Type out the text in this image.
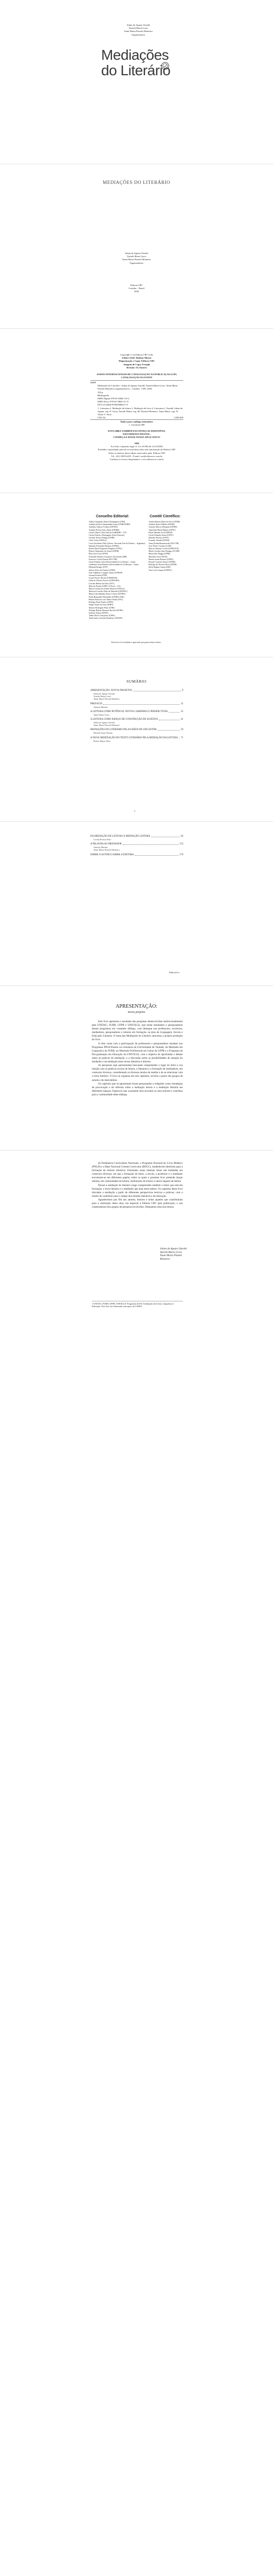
Julian de Aguiar Ostrahl
Yurieth Maria Gorzi
Tauni Maria Pizzetti Monteiro
Organizadores
Mediações
do Literário
MEDIAÇÕES DO LITERÁRIO
Julian de Aguiar Ostrahl
Yurieth Maria Gorzi
Tauni Maria Pizzetti Monteiro
Organizadores
Editora CRV
Curitiba – Brasil
2020
Copyright © da Editora CRV Ltda.
Editor-chefe: Railson Moura
Diagramação e Capa: Editora CRV
Imagem de Capa: Freepik
Revisão: Os Autores
DADOS INTERNACIONAIS DE CATALOGAÇÃO NA PUBLICAÇÃO (CIP)
CATALOGAÇÃO NA FONTE
M489
Mediações do Literário / Julian de Aguiar Ostrahl, Yurieth Maria Gorzi, Tauni Maria Pizzetti Monteiro (organizadores) – Curitiba : CRV, 2020.
182 p.
Bibliografia
ISBN Digital 978-65-5868-119-2
ISBN Físico 978-65-5868-117-8
DOI 10.24824/978655868117.8
1. Literatura 2. Mediação de leitura 3. Mediação de livro 4. Literatura I. Ostrahl, Julian de Aguiar. org. II. Gorzi, Yurieth Maria. org. III. Pizzetti Monteiro, Tauni Maria. org. IV. Título V. Série.
CDU 82	CDD 800
Índice para catálogo sistemático
1. Literatura 800
ESTA OBRA TAMBÉM ENCONTRA-SE DISPONÍVEL
EM FORMATO DIGITAL.
CONHEÇA E BAIXE NOSSO APLICATIVO!
2020
Foi feito o depósito legal cf. Lei 10.994 de 14/12/2004
Proibida a reprodução parcial ou total desta obra sem autorização da Editora CRV
Todos os direitos desta edição reservados pela: Editora CRV
Tel.: (41) 3039-6418 - E-mail: sac@editoracrv.com.br
Conheça os nossos lançamentos: www.editoracrv.com.br
Conselho Editorial:	Comitê Científico:
Aldira Guimarães Duarte Domínguez (UNB)
Andréia da Silva Quintanilha Sousa (UNIR/UFRN)
Anselmo Alencar Colares (UFOPA)
Antônio Pereira Gaio Júnior (UFRRJ)
Carlos Alberto Vilar Estêvão (UMINHO – PT)
Carlos Federico Dominguez Avila (Unieuro)
Carmen Tereza Velanga (UNIR)
Celso Conti (UFSCar)
Cesar Gerónimo Tello (Univer .Nacional Três de Febrero – Argentina)
Eduardo Fernandes Barbosa (UFMG)
Elione Maria Nogueira Diogenes (UFAL)
Elizeu Clementino de Souza (UNEB)
Élsio José Corá (UFFS)
Fernando Antônio Gonçalves Alcoforado (IPB)
Francisco Carlos Duarte (PUC-PR)
Gloria Fariñas León (Universidade de La Havana – Cuba)
Guillermo Arias Beatón (Universidade de La Havana – Cuba)
Helmuth Krüger (UCP)
Jailson Alves dos Santos (UFRJ)
João Adalberto Campato Junior (UNESP)
Josania Portela (UFPI)
Leonel Severo Rocha (UNISINOS)
Lídia de Oliveira Xavier (UNIEURO)
Lourdes Helena da Silva (UFV)
Marcelo Paixão (UFRJ e UTexas – US)
Maria Cristina dos Santos Bezerra (UFSCar)
Maria de Lourdes Pinto de Almeida (UNOESC)
Maria Lília Imbiriba Sousa Colares (UFOPA)
Paulo Romualdo Hernandes (UNIFAL-MG)
Renato Francisco dos Santos Paula (UFG)
Rodrigo Pratte-Santos (UFES)
Sérgio Nunes de Jesus (IFRO)
Simone Rodrigues Pinto (UNB)
Solange Helena Ximenes-Rocha (UFOPA)
Sydione Santos (UEPG)
Tadeu Oliver Gonçalves (UFPA)
Tania Suely Azevedo Brasileiro (UFOPA)
Andrea Beatriz Hack de Góes (UFSM)
Andréia Nunes Militão (UEMS)
Antonio Marcos Mesquita (UFMS)
Aparecida Maria Ribeiro (UFSC)
Bruno Mendes Gil (UNIFAP)
Carlos Eduardo Souza (UFSC)
Eduardo Silveira (UFSC)
Evandro Ghedin (UFAM)
Joana Paulin Romanowski (PUC-PR)
José Álvaro Cristino (UAB)
Marcos Antonio Lorieri (UNINOVE)
Maria Cristina Lima Paniago (UCDB)
Maria Inês Ghiggi (UFPR)
Marilena Assis (UFFS)
Renato Izaias Boissel (UFMT)
Rosane Carneiro Sarturi (UFSM)
Rodrigo de Oliveira Silva (UFMS)
Silvia Regina Canan (URI)
Vera Lucia Gaspar (UDESC)
Este livro foi avaliado e aprovado por pareceristas ad hoc.
SUMÁRIO
APRESENTAÇÃO: NOVOS PROJETOS	9
Julian de Aguiar Ostrahl
Yurieth Maria Gorzi
Tauni Maria Pizzetti Monteiro
PREFÁCIO	15
Antonio Martins
A LEITURA COMO POTÊNCIA: NOVOS CAMINHOS E PERSPECTIVAS	25
Tania Maria Gorzi
A LEITURA COMO ESPAÇO DE CONSTRUÇÃO DE SUJEITOS	41
Julian de Aguiar Ostrahl
Tauni Maria Pizzetti Monteiro
MEDIAÇÕES DO LITERÁRIO PELAS MÃOS DE UM LEITOR	59
Michele Sauer Paraná
A NOVA ORDENAÇÃO DO TEXTO LITERÁRIO PELA MEDIAÇÃO DA LEITURA 71
Denise Mayer Silva
5
DA MEDIAÇÃO DE LEITURA À MEDIAÇÃO LEITORA	83
Cecília Pereira Feliz
A PALAVRA AO MEDIADOR	153
Antonio Martins
Tauni Maria Pizzetti Monteiro
SOBRE O AUTOR E SOBRE A EDITORA	179
EditoraCrv
APRESENTAÇÃO:
novos projetos

Este livro apresenta o resultado das pesquisas desenvolvidas institucionalmente pela UNITAU, FURB, UFPR e UNIVILLE, que reúne estudantes e pesquisadores desses programas em constante diálogo, com destaque aos professores, escritores, mediadores, pesquisadores e leitores em formação, na área de Linguagem, Escola e Educação Literária. O tema das Mediações do Literário atravessa a própria produção do livro.

A obra conta com a participação de professores e pesquisadores atuantes nos Programas PPGE/Ensino na Literatura da Universidade de Taubaté, do Mestrado em Linguística da FURB, no Mestrado Profissional em Letras da UFPR e o Programa de Pós-graduação em Educação da UNIVILLE, com o objetivo de aprofundar o debate sobre as práticas de mediação, e a discussão sobre as possibilidades de atuação do mediador e da mediação entre textos literários e leitores.

As pesquisas aqui apresentadas buscaram compreender o lugar do leitor e sua relação com as práticas sociais de leitura, a literatura e a formação de mediadores, em contextos diversos, considerando os diversos modos de mediar e de se relacionar com o texto literário. O livro se organiza em seis capítulos, escritos a partir dos grupos de estudo e de intercâmbio.

Os capítulos que se apresentam foram pesquisados e redigidos como estratégias de provocação e de reflexão sobre a mediação leitora e a mediação literária em diferentes espaços. Espera-se que a presente obra encontre os seus leitores e contribua para a continuidade deste diálogo.

do Parâmetros Curriculares Nacionais, o Programa Nacional do Livro Didático (PNLD) e a Base Nacional Comum Curricular (BNCC), estabelecem diretrizes para a formação de leitores literários. Entretanto essas mesmas obras são mediadas em contextos diversos, em que a formação do leitor, a escola, o professor e o mediador encontram-se em diferentes papéis, sobre os quais o presente livro pretende lançar olhares, em comunidades de leitura, instituições de ensino e outros lugares de leitura.

Pensar a mediação do literário exige compreender também o leitor que está em formação, o texto literário e o mediador que atua entre ambos. Os capítulos deste livro discutem a mediação a partir de diferentes perspectivas teóricas e práticas, com o intuito de contribuir para o campo dos estudos literários e da educação.

Agradecemos por fim aos autores, leitores e todos aqueles que contribuíram para a realização desta obra, em especial à Editora CRV pela publicação, e aos colaboradores dos grupos de pesquisa envolvidos. Desejamos uma boa leitura.

Julian de Aguiar Ostrahl
Yurieth Maria Gorzi
Tauni Maria Pizzetti Monteiro
1 UNITAU, FURB, UFPR, UNIVILLE. Programas de Pós-Graduação em Letras, Linguística e Educação. Este livro foi financiado com apoio da CAPES.
